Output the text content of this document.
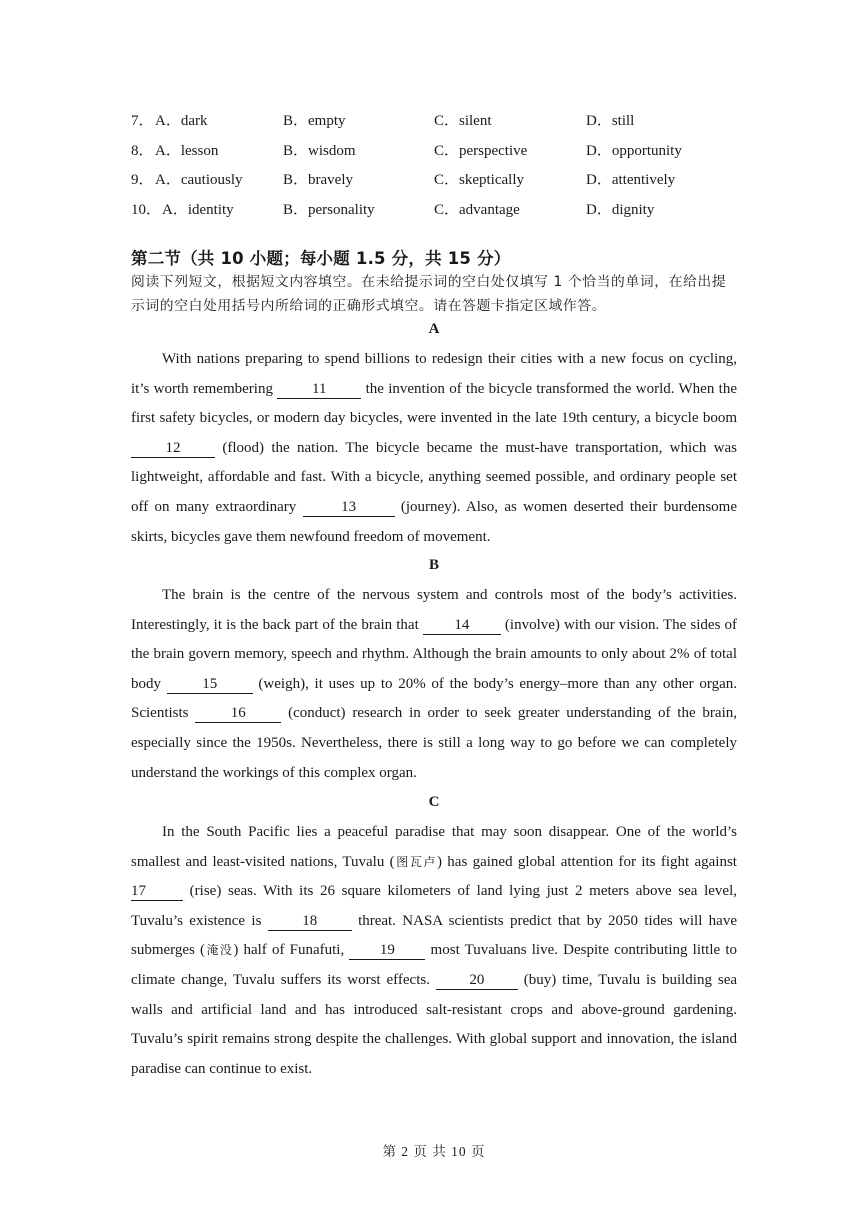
7． A．dark	B．empty	C．silent	D．still
8． A．lesson	B．wisdom	C．perspective	D．opportunity
9． A．cautiously	B．bravely	C．skeptically	D．attentively
10． A．identity	B．personality	C．advantage	D．dignity
第二节（共 10 小题；每小题 1.5 分，共 15 分）
阅读下列短文，根据短文内容填空。在未给提示词的空白处仅填写 1 个恰当的单词，在给出提示词的空白处用括号内所给词的正确形式填空。请在答题卡指定区域作答。
A
With nations preparing to spend billions to redesign their cities with a new focus on cycling, it’s worth remembering 11 the invention of the bicycle transformed the world. When the first safety bicycles, or modern day bicycles, were invented in the late 19th century, a bicycle boom 12 (flood) the nation. The bicycle became the must-have transportation, which was lightweight, affordable and fast. With a bicycle, anything seemed possible, and ordinary people set off on many extraordinary	13	(journey). Also, as women deserted their burdensome skirts, bicycles gave them newfound freedom of movement.
B
The brain is the centre of the nervous system and controls most of the body’s activities. Interestingly, it is the back part of the brain that 14 (involve) with our vision. The sides of the brain govern memory, speech and rhythm. Although the brain amounts to only about 2% of total body 15 (weigh), it uses up to 20% of the body’s energy–more than any other organ. Scientists 16 (conduct) research in order to seek greater understanding of the brain, especially since the 1950s. Nevertheless, there is still a long way to go before we can completely understand the workings of this complex organ.
C
In the South Pacific lies a peaceful paradise that may soon disappear. One of the world’s smallest and least-visited nations, Tuvalu (图瓦卢) has gained global attention for its fight against 17 (rise) seas. With its 26 square kilometers of land lying just 2 meters above sea level, Tuvalu’s existence is 18 threat. NASA scientists predict that by 2050 tides will have submerges (淹没) half of Funafuti, 19 most Tuvaluans live. Despite contributing little to climate change, Tuvalu suffers its worst effects. 20 (buy) time, Tuvalu is building sea walls and artificial land and has introduced salt-resistant crops and above-ground gardening. Tuvalu’s spirit remains strong despite the challenges. With global support and innovation, the island paradise can continue to exist.
第 2 页 共 10 页
